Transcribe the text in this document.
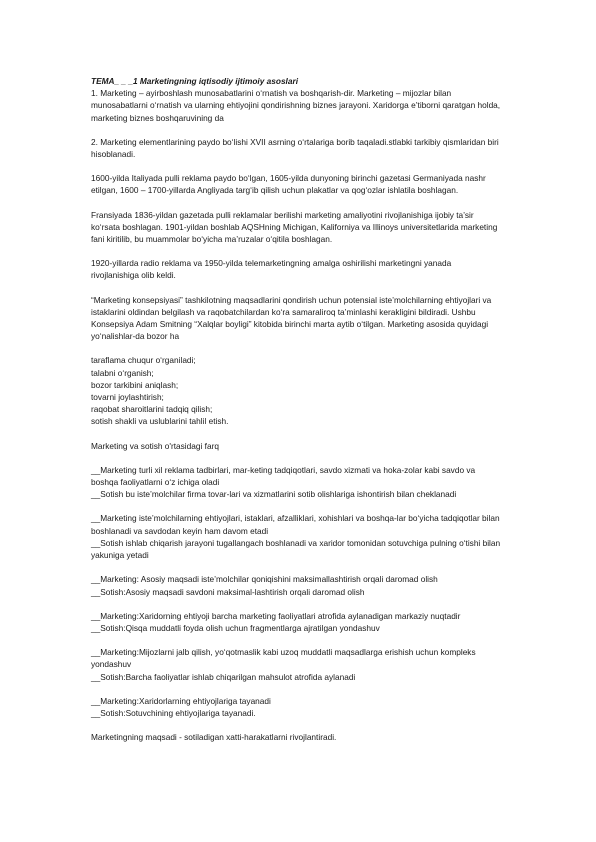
TEMA_ _ _1 Marketingning iqtisodiy ijtimoiy asoslari

1. Marketing – ayirboshlash munosabatlarini o‘rnatish va boshqarish-dir. Marketing – mijozlar bilan munosabatlarni o‘rnatish va ularning ehtiyojini qondirishning biznes jarayoni. Xaridorga e’tiborni qaratgan holda, marketing biznes boshqaruvining da

2. Marketing elementlarining paydo bo‘lishi XVII asrning o‘rtalariga borib taqaladi.stlabki tarkibiy qismlaridan biri hisoblanadi.

1600-yilda Italiyada pulli reklama paydo bo‘lgan, 1605-yilda dunyoning birinchi gazetasi Germaniyada nashr etilgan, 1600 – 1700-yillarda Angliyada targ‘ib qilish uchun plakatlar va qog‘ozlar ishlatila boshlagan.

Fransiyada 1836-yildan gazetada pulli reklamalar berilishi marketing amaliyotini rivojlanishiga ijobiy ta’sir ko‘rsata boshlagan. 1901-yildan boshlab AQSHning Michigan, Kaliforniya va Illinoys universitetlarida marketing fani kiritilib, bu muammolar bo‘yicha ma’ruzalar o‘qitila boshlagan.

1920-yillarda radio reklama va 1950-yilda telemarketingning amalga oshirilishi marketingni yanada rivojlanishiga olib keldi.

“Marketing konsepsiyasi” tashkilotning maqsadlarini qondirish uchun potensial iste’molchilarning ehtiyojlari va istaklarini oldindan belgilash va raqobatchilardan ko‘ra samaraliroq ta’minlashi kerakligini bildiradi. Ushbu Konsepsiya Adam Smitning “Xalqlar boyligi” kitobida birinchi marta aytib o‘tilgan. Marketing asosida quyidagi yo‘nalishlar-da bozor ha

taraflama chuqur o‘rganiladi;
talabni o‘rganish;
bozor tarkibini aniqlash;
tovarni joylashtirish;
raqobat sharoitlarini tadqiq qilish;
sotish shakli va uslublarini tahlil etish.

Marketing va sotish o'rtasidagi farq

__Marketing turli xil reklama tadbirlari, mar-keting tadqiqotlari, savdo xizmati va hoka-zolar kabi savdo va boshqa faoliyatlarni o‘z ichiga oladi
__Sotish bu iste’molchilar firma tovar-lari va xizmatlarini sotib olishlariga ishontirish bilan cheklanadi

__Marketing iste’molchilarning ehtiyojlari, istaklari, afzalliklari, xohishlari va boshqa-lar bo‘yicha tadqiqotlar bilan boshlanadi va savdodan keyin ham davom etadi
__Sotish ishlab chiqarish jarayoni tugallangach boshlanadi va xaridor tomonidan sotuvchiga pulning o‘tishi bilan yakuniga yetadi

__Marketing: Asosiy maqsadi iste’molchilar qoniqishini maksimallashtirish orqali daromad olish
__Sotish:Asosiy maqsadi savdoni maksimal-lashtirish orqali daromad olish

__Marketing:Xaridorning ehtiyoji barcha marketing faoliyatlari atrofida aylanadigan markaziy nuqtadir
__Sotish:Qisqa muddatli foyda olish uchun fragmentlarga ajratilgan yondashuv

__Marketing:Mijozlarni jalb qilish, yo‘qotmaslik kabi uzoq muddatli maqsadlarga erishish uchun kompleks yondashuv
__Sotish:Barcha faoliyatlar ishlab chiqarilgan mahsulot atrofida aylanadi

__Marketing:Xaridorlarning ehtiyojlariga tayanadi
__Sotish:Sotuvchining ehtiyojlariga tayanadi.

Marketingning maqsadi - sotiladigan xatti-harakatlarni rivojlantiradi.
